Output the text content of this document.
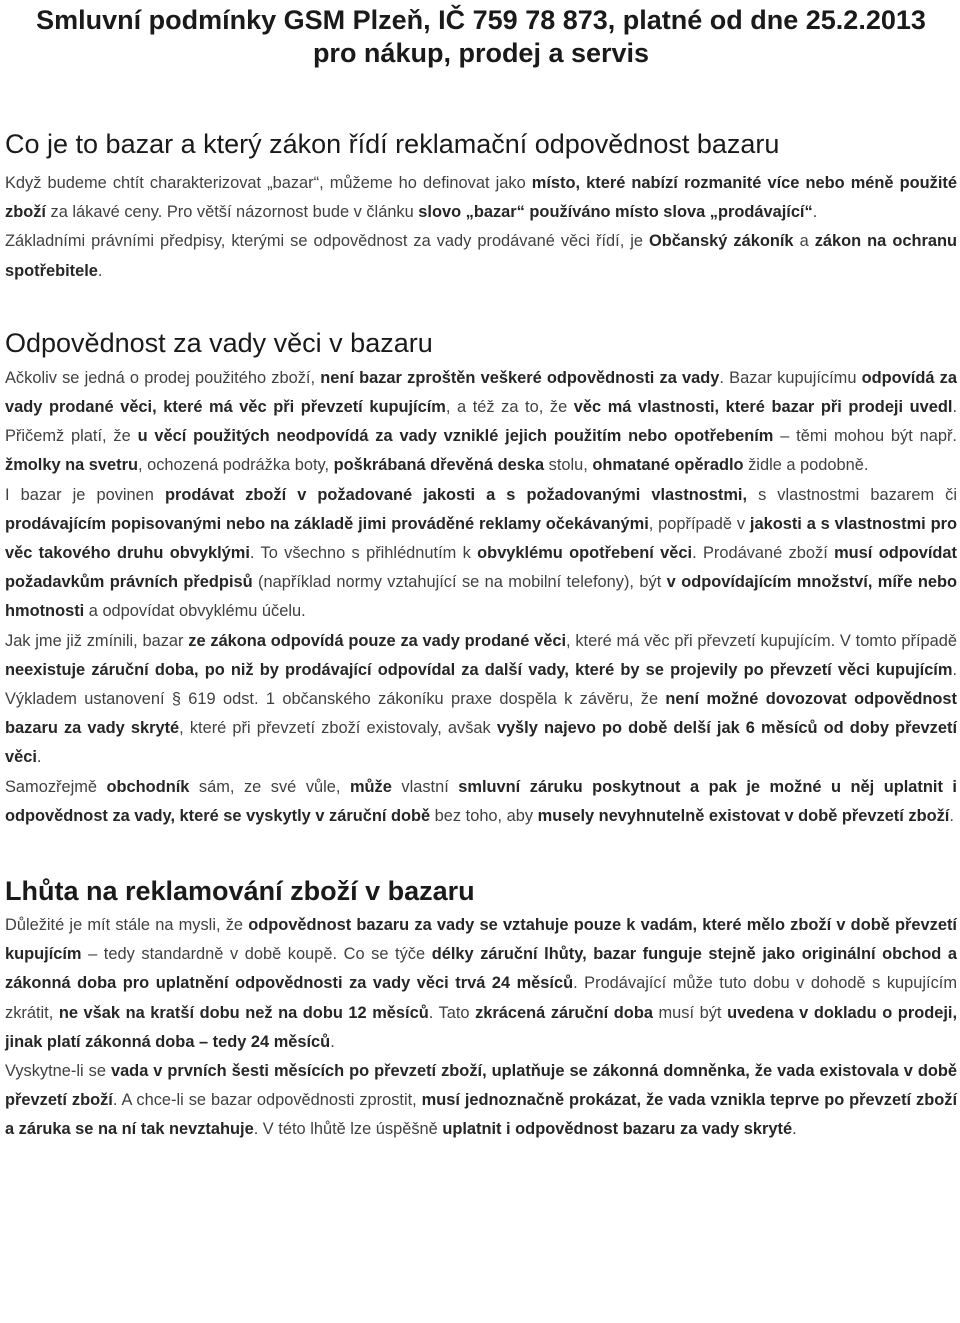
Smluvní podmínky GSM Plzeň, IČ 759 78 873, platné od dne 25.2.2013
pro nákup, prodej a servis
Co je to bazar a který zákon řídí reklamační odpovědnost bazaru

Když budeme chtít charakterizovat „bazar“, můžeme ho definovat jako místo, které nabízí rozmanité více nebo méně použité zboží za lákavé ceny. Pro větší názornost bude v článku slovo „bazar“ používáno místo slova „prodávající“.

Základními právními předpisy, kterými se odpovědnost za vady prodávané věci řídí, je Občanský zákoník a zákon na ochranu spotřebitele.

Odpovědnost za vady věci v bazaru

Ačkoliv se jedná o prodej použitého zboží, není bazar zproštěn veškeré odpovědnosti za vady. Bazar kupujícímu odpovídá za vady prodané věci, které má věc při převzetí kupujícím, a též za to, že věc má vlastnosti, které bazar při prodeji uvedl. Přičemž platí, že u věcí použitých neodpovídá za vady vzniklé jejich použitím nebo opotřebením – těmi mohou být např. žmolky na svetru, ochozená podrážka boty, poškrábaná dřevěná deska stolu, ohmatané opěradlo židle a podobně.

I bazar je povinen prodávat zboží v požadované jakosti a s požadovanými vlastnostmi, s vlastnostmi bazarem či prodávajícím popisovanými nebo na základě jimi prováděné reklamy očekávanými, popřípadě v jakosti a s vlastnostmi pro věc takového druhu obvyklými. To všechno s přihlédnutím k obvyklému opotřebení věci. Prodávané zboží musí odpovídat požadavkům právních předpisů (například normy vztahující se na mobilní telefony), být v odpovídajícím množství, míře nebo hmotnosti a odpovídat obvyklému účelu.

Jak jme již zmínili, bazar ze zákona odpovídá pouze za vady prodané věci, které má věc při převzetí kupujícím. V tomto případě neexistuje záruční doba, po niž by prodávající odpovídal za další vady, které by se projevily po převzetí věci kupujícím. Výkladem ustanovení § 619 odst. 1 občanského zákoníku praxe dospěla k závěru, že není možné dovozovat odpovědnost bazaru za vady skryté, které při převzetí zboží existovaly, avšak vyšly najevo po době delší jak 6 měsíců od doby převzetí věci.

Samozřejmě obchodník sám, ze své vůle, může vlastní smluvní záruku poskytnout a pak je možné u něj uplatnit i odpovědnost za vady, které se vyskytly v záruční době bez toho, aby musely nevyhnutelně existovat v době převzetí zboží.

Lhůta na reklamování zboží v bazaru

Důležité je mít stále na mysli, že odpovědnost bazaru za vady se vztahuje pouze k vadám, které mělo zboží v době převzetí kupujícím – tedy standardně v době koupě. Co se týče délky záruční lhůty, bazar funguje stejně jako originální obchod a zákonná doba pro uplatnění odpovědnosti za vady věci trvá 24 měsíců. Prodávající může tuto dobu v dohodě s kupujícím zkrátit, ne však na kratší dobu než na dobu 12 měsíců. Tato zkrácená záruční doba musí být uvedena v dokladu o prodeji, jinak platí zákonná doba – tedy 24 měsíců.

Vyskytne-li se vada v prvních šesti měsících po převzetí zboží, uplatňuje se zákonná domněnka, že vada existovala v době převzetí zboží. A chce-li se bazar odpovědnosti zprostit, musí jednoznačně prokázat, že vada vznikla teprve po převzetí zboží a záruka se na ní tak nevztahuje. V této lhůtě lze úspěšně uplatnit i odpovědnost bazaru za vady skryté.
